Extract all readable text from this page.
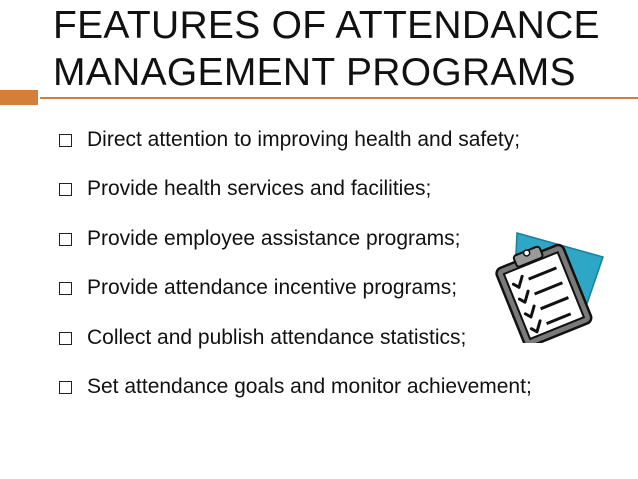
FEATURES OF ATTENDANCE
MANAGEMENT PROGRAMS
Direct attention to improving health and safety;
Provide health services and facilities;
Provide employee assistance programs;
Provide attendance incentive programs;
Collect and publish attendance statistics;
Set attendance goals and monitor achievement;
